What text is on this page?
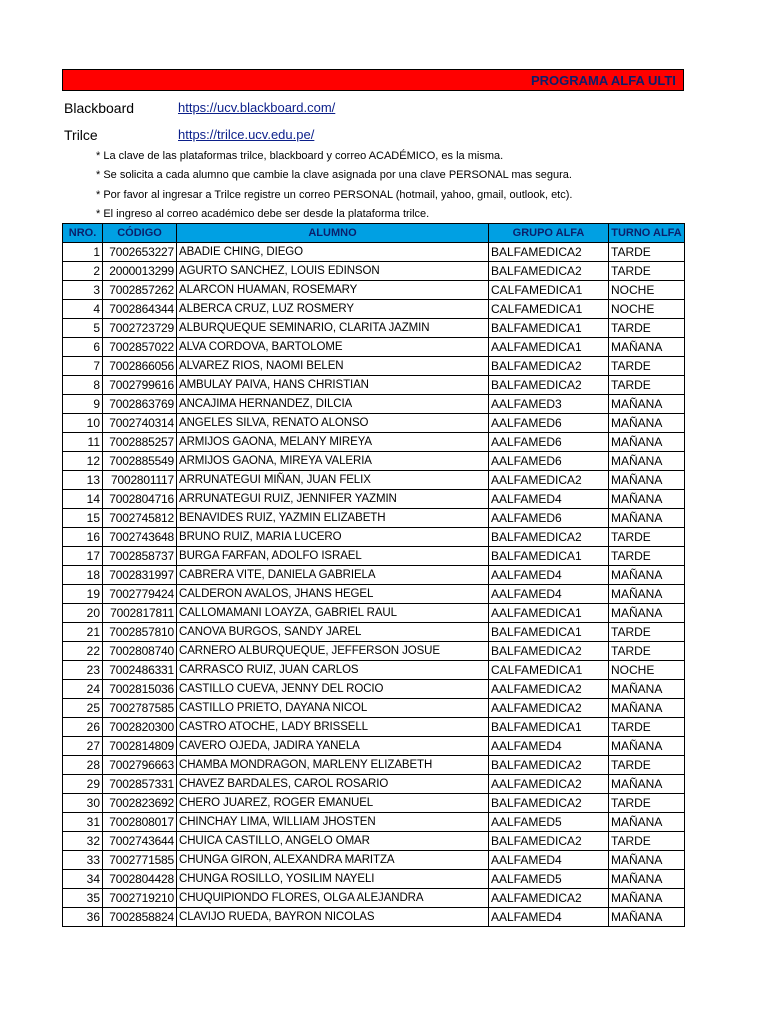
PROGRAMA ALFA ULTI
Blackboard	https://ucv.blackboard.com/
Trilce	https://trilce.ucv.edu.pe/
* La clave de las plataformas trilce, blackboard y correo ACADÉMICO, es la misma.
* Se solicita a cada alumno que cambie la clave asignada por una clave PERSONAL mas segura.
* Por favor al ingresar a Trilce registre un correo PERSONAL (hotmail, yahoo, gmail, outlook, etc).
* El ingreso al correo académico debe ser desde la plataforma trilce.
NRO.	CÓDIGO	ALUMNO	GRUPO ALFA	TURNO ALFA
1	7002653227	ABADIE CHING, DIEGO	BALFAMEDICA2	TARDE
2	2000013299	AGURTO SANCHEZ, LOUIS EDINSON	BALFAMEDICA2	TARDE
3	7002857262	ALARCON HUAMAN, ROSEMARY	CALFAMEDICA1	NOCHE
4	7002864344	ALBERCA CRUZ, LUZ ROSMERY	CALFAMEDICA1	NOCHE
5	7002723729	ALBURQUEQUE SEMINARIO, CLARITA JAZMIN	BALFAMEDICA1	TARDE
6	7002857022	ALVA CORDOVA, BARTOLOME	AALFAMEDICA1	MAÑANA
7	7002866056	ALVAREZ RIOS, NAOMI BELEN	BALFAMEDICA2	TARDE
8	7002799616	AMBULAY PAIVA, HANS CHRISTIAN	BALFAMEDICA2	TARDE
9	7002863769	ANCAJIMA HERNANDEZ, DILCIA	AALFAMED3	MAÑANA
10	7002740314	ANGELES SILVA, RENATO ALONSO	AALFAMED6	MAÑANA
11	7002885257	ARMIJOS GAONA, MELANY MIREYA	AALFAMED6	MAÑANA
12	7002885549	ARMIJOS GAONA, MIREYA VALERIA	AALFAMED6	MAÑANA
13	7002801117	ARRUNATEGUI MIÑAN, JUAN FELIX	AALFAMEDICA2	MAÑANA
14	7002804716	ARRUNATEGUI RUIZ, JENNIFER YAZMIN	AALFAMED4	MAÑANA
15	7002745812	BENAVIDES RUIZ, YAZMIN ELIZABETH	AALFAMED6	MAÑANA
16	7002743648	BRUNO RUIZ, MARIA LUCERO	BALFAMEDICA2	TARDE
17	7002858737	BURGA FARFAN, ADOLFO ISRAEL	BALFAMEDICA1	TARDE
18	7002831997	CABRERA VITE, DANIELA GABRIELA	AALFAMED4	MAÑANA
19	7002779424	CALDERON AVALOS, JHANS HEGEL	AALFAMED4	MAÑANA
20	7002817811	CALLOMAMANI LOAYZA, GABRIEL RAUL	AALFAMEDICA1	MAÑANA
21	7002857810	CANOVA BURGOS, SANDY JAREL	BALFAMEDICA1	TARDE
22	7002808740	CARNERO ALBURQUEQUE, JEFFERSON JOSUE	BALFAMEDICA2	TARDE
23	7002486331	CARRASCO RUIZ, JUAN CARLOS	CALFAMEDICA1	NOCHE
24	7002815036	CASTILLO CUEVA, JENNY DEL ROCIO	AALFAMEDICA2	MAÑANA
25	7002787585	CASTILLO PRIETO, DAYANA NICOL	AALFAMEDICA2	MAÑANA
26	7002820300	CASTRO ATOCHE, LADY BRISSELL	BALFAMEDICA1	TARDE
27	7002814809	CAVERO OJEDA, JADIRA YANELA	AALFAMED4	MAÑANA
28	7002796663	CHAMBA MONDRAGON, MARLENY ELIZABETH	BALFAMEDICA2	TARDE
29	7002857331	CHAVEZ BARDALES, CAROL ROSARIO	AALFAMEDICA2	MAÑANA
30	7002823692	CHERO JUAREZ, ROGER EMANUEL	BALFAMEDICA2	TARDE
31	7002808017	CHINCHAY LIMA, WILLIAM JHOSTEN	AALFAMED5	MAÑANA
32	7002743644	CHUICA CASTILLO, ANGELO OMAR	BALFAMEDICA2	TARDE
33	7002771585	CHUNGA GIRON, ALEXANDRA MARITZA	AALFAMED4	MAÑANA
34	7002804428	CHUNGA ROSILLO, YOSILIM NAYELI	AALFAMED5	MAÑANA
35	7002719210	CHUQUIPIONDO FLORES, OLGA ALEJANDRA	AALFAMEDICA2	MAÑANA
36	7002858824	CLAVIJO RUEDA, BAYRON NICOLAS	AALFAMED4	MAÑANA
